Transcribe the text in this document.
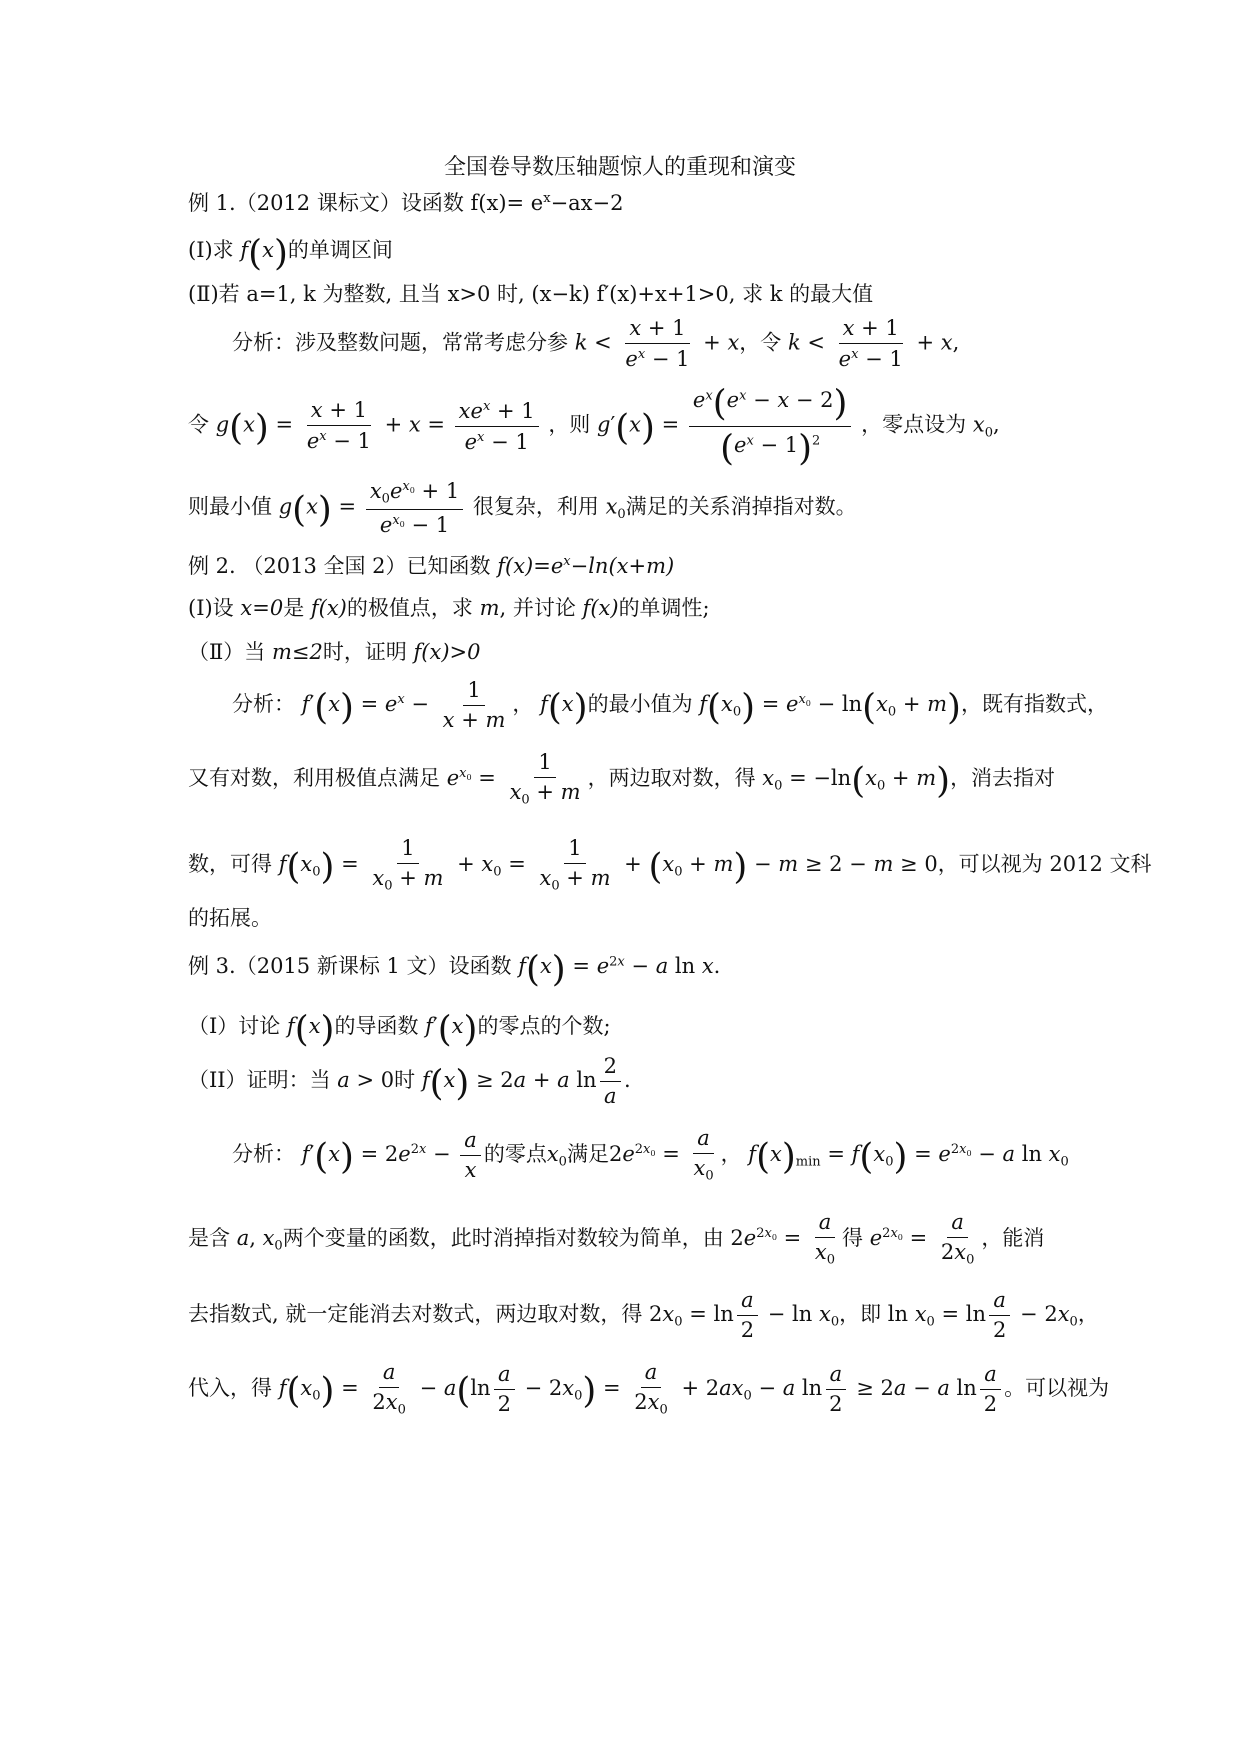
全国卷导数压轴题惊人的重现和演变
例 1.（2012 课标文）设函数 $f(x)= e^x-ax-2$
(Ⅰ)求 f(x)的单调区间
(Ⅱ)若 a=1, k 为整数, 且当 x>0 时, (x−k) f′(x)+x+1>0, 求 k 的最大值
分析：涉及整数问题，常常考虑分参 $k < \frac{x + 1}{e^x - 1} + x$，令 $k < \frac{x + 1}{e^x - 1} + x$,
令 $g(x) = \frac{x + 1}{e^x - 1} + x = \frac{xe^x + 1}{e^x - 1}$ ，则 $g'(x) = \frac{e^x(e^x - x - 2)}{(e^x - 1)^2}$ ，零点设为 $x_0$,
则最小值 $g(x) = \frac{x_0e^{x_0} + 1}{e^{x_0} - 1}$ 很复杂，利用 $x_0$满足的关系消掉指对数。
例 2. （2013 全国 2）已知函数 $f(x)=e^x-\ln(x+m)$
(Ⅰ)设 x=0是 f(x)的极值点，求 m, 并讨论 f(x)的单调性;
（Ⅱ）当 m≤2时，证明 f(x)>0
分析： $f'(x) = e^x - \frac{1}{x + m}$ ， f(x)的最小值为 $f(x_0) = e^{x_0} - \ln(x_0 + m)$，既有指数式，
又有对数，利用极值点满足 $e^{x_0} = \frac{1}{x_0 + m}$ ，两边取对数，得 $x_0 = -\ln(x_0 + m)$，消去指对
数，可得 $f(x_0) = \frac{1}{x_0 + m} + x_0 = \frac{1}{x_0 + m} + (x_0 + m) - m \ge 2 - m \ge 0$，可以视为 2012 文科
的拓展。
例 3.（2015 新课标 1 文）设函数 $f(x) = e^{2x} - a$ ln x.
（I）讨论 f(x)的导函数 f′(x)的零点的个数;
（II）证明：当 a > 0时 f(x) ≥ 2a + a $\ln \frac{2}{a}$ .
分析： $f'(x) = 2e^{2x} - \frac{a}{x}$ 的零点$x_0$满足$2e^{2x_0} = \frac{a}{x_0}$ ， $f(x)_{min} = f(x_0) = e^{2x_0} - a$ $\ln x_0$
是含 a, $x_0$两个变量的函数，此时消掉指对数较为简单，由 $2e^{2x_0} = \frac{a}{x_0}$ 得 $e^{2x_0} = \frac{a}{2x_0}$ ，能消
去指数式, 就一定能消去对数式，两边取对数，得 $2x_0 = \ln \frac{a}{2} - \ln x_0$，即 $\ln x_0 = \ln \frac{a}{2} - 2x_0$，
代入，得 $f(x_0) = \frac{a}{2x_0} - a(\ln \frac{a}{2} - 2x_0) = \frac{a}{2x_0} + 2ax_0 - a$ $\ln \frac{a}{2} \ge 2a - a$ $\ln \frac{a}{2}$ 。可以视为
